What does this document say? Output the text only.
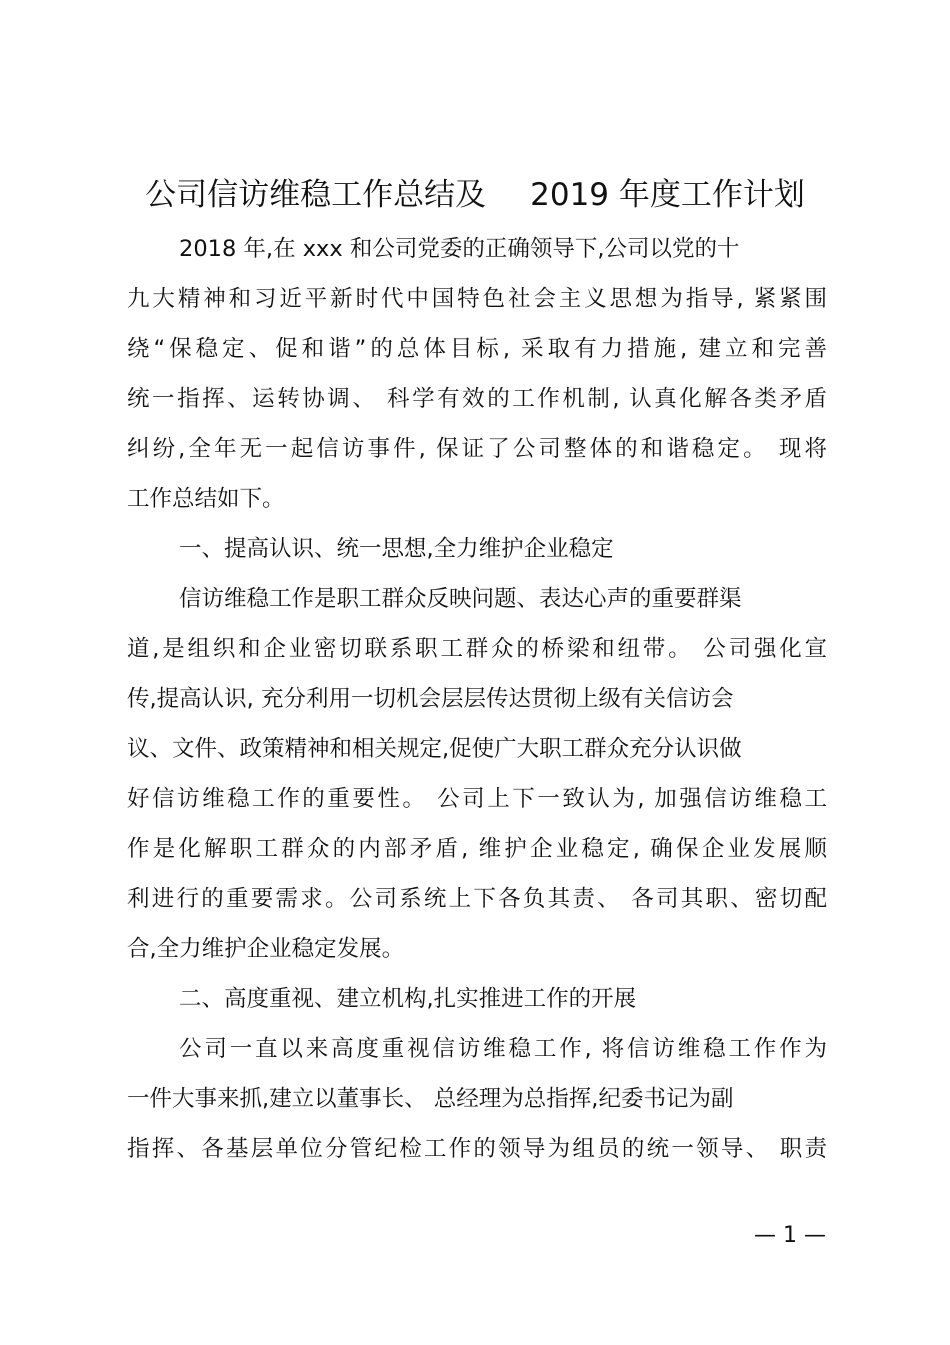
公司信访维稳工作总结及 2019 年度工作计划
2018 年,在 xxx 和公司党委的正确领导下,公司以党的十
九大精神和习近平新时代中国特色社会主义思想为指导, 紧紧围
绕“保稳定、促和谐”的总体目标, 采取有力措施, 建立和完善
统一指挥、运转协调、 科学有效的工作机制, 认真化解各类矛盾
纠纷,全年无一起信访事件, 保证了公司整体的和谐稳定。 现将
工作总结如下。
一、提高认识、统一思想,全力维护企业稳定
信访维稳工作是职工群众反映问题、表达心声的重要群渠
道,是组织和企业密切联系职工群众的桥梁和纽带。 公司强化宣
传,提高认识, 充分利用一切机会层层传达贯彻上级有关信访会
议、文件、政策精神和相关规定,促使广大职工群众充分认识做
好信访维稳工作的重要性。 公司上下一致认为, 加强信访维稳工
作是化解职工群众的内部矛盾, 维护企业稳定, 确保企业发展顺
利进行的重要需求。公司系统上下各负其责、 各司其职、密切配
合,全力维护企业稳定发展。
二、高度重视、建立机构,扎实推进工作的开展
公司一直以来高度重视信访维稳工作, 将信访维稳工作作为
一件大事来抓,建立以董事长、 总经理为总指挥,纪委书记为副
指挥、各基层单位分管纪检工作的领导为组员的统一领导、 职责
— 1 —
